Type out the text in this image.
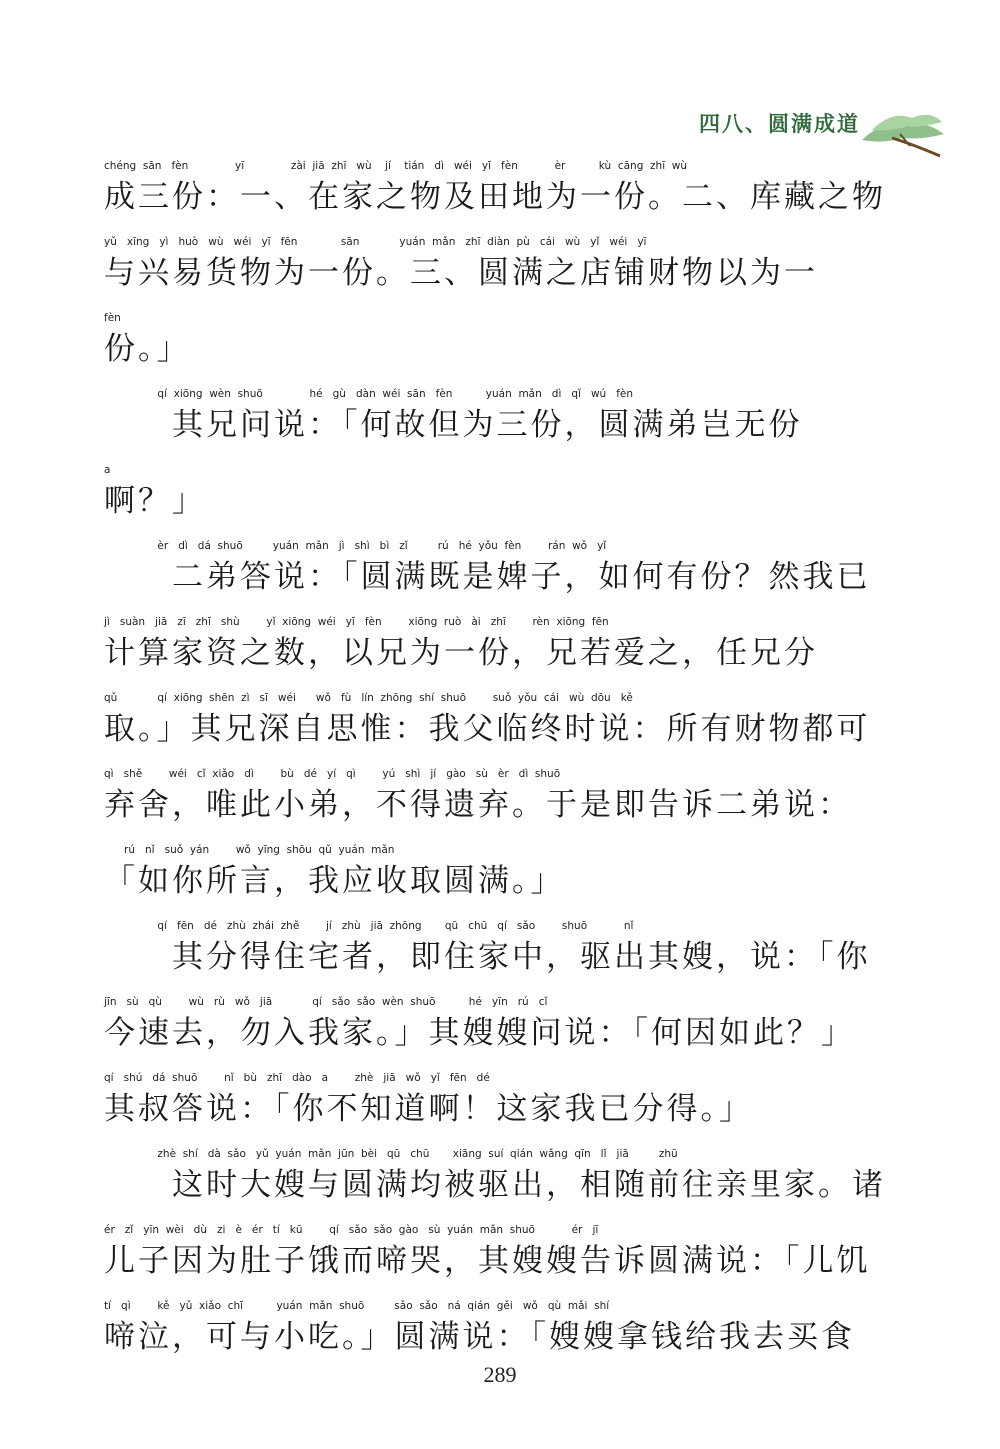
四八、圆满成道
chéng  sān   fèn              yī              zài  jiā  zhī   wù    jí    tián   dì   wéi   yī   fèn           èr          kù  cāng  zhī  wù
成三份：一、在家之物及田地为一份。二、库藏之物
yǔ   xīng   yì   huò   wù   wéi   yī   fēn             sān            yuán  mǎn   zhī  diàn  pù   cái   wù   yǐ   wéi   yī
与兴易货物为一份。三、圆满之店铺财物以为一
fèn
份。」
qí  xiōng  wèn  shuō              hé   gù   dàn  wéi  sān   fèn          yuán  mǎn   dì   qǐ   wú   fèn
其兄问说：「何故但为三份，圆满弟岂无份
a
啊？」
èr   dì   dá  shuō         yuán  mǎn   jì   shì   bì   zǐ         rú   hé  yǒu  fèn        rán  wǒ   yǐ
二弟答说：「圆满既是婢子，如何有份？然我已
jì   suàn   jiā   zī   zhī   shù        yǐ  xiōng  wéi   yī   fèn        xiōng  ruò   ài   zhī        rèn  xiōng  fēn
计算家资之数，以兄为一份，兄若爱之，任兄分
qǔ            qí  xiōng  shēn  zì   sī   wéi      wǒ   fù   lín  zhōng  shí  shuō        suǒ  yǒu  cái   wù  dōu   kě
取。」其兄深自思惟：我父临终时说：所有财物都可
qì   shě        wéi   cǐ  xiǎo   dì        bù   dé   yí   qì        yú   shì   jí   gào   sù   èr   dì  shuō
弃舍，唯此小弟，不得遗弃。于是即告诉二弟说：
rú   nǐ   suǒ  yán        wǒ  yīng  shōu  qǔ  yuán  mǎn
「如你所言，我应收取圆满。」
qí   fēn   dé   zhù  zhái  zhě        jí   zhù   jiā  zhōng       qū   chū   qí   sǎo        shuō           nǐ
其分得住宅者，即住家中，驱出其嫂，说：「你
jīn   sù   qù        wù   rù   wǒ   jiā            qí   sǎo  sǎo  wèn  shuō          hé   yīn   rú   cǐ
今速去，勿入我家。」其嫂嫂问说：「何因如此？」
qí   shú   dá  shuō        nǐ   bù   zhī   dào   a        zhè   jiā   wǒ   yǐ   fēn   dé
其叔答说：「你不知道啊！这家我已分得。」
zhè  shí   dà  sǎo   yǔ  yuán  mǎn  jūn  bèi   qū   chū       xiāng  suí  qián  wǎng  qīn   lǐ   jiā         zhū
这时大嫂与圆满均被驱出，相随前往亲里家。诸
ér   zǐ   yīn  wèi   dù   zi   è   ér   tí   kū        qí   sǎo  sǎo  gào   sù  yuán  mǎn  shuō           ér   jī
儿子因为肚子饿而啼哭，其嫂嫂告诉圆满说：「儿饥
tí   qì        kě   yǔ  xiǎo  chī          yuán  mǎn  shuō         sǎo  sǎo   ná  qián  gěi   wǒ   qù  mǎi  shí
啼泣，可与小吃。」圆满说：「嫂嫂拿钱给我去买食
289
